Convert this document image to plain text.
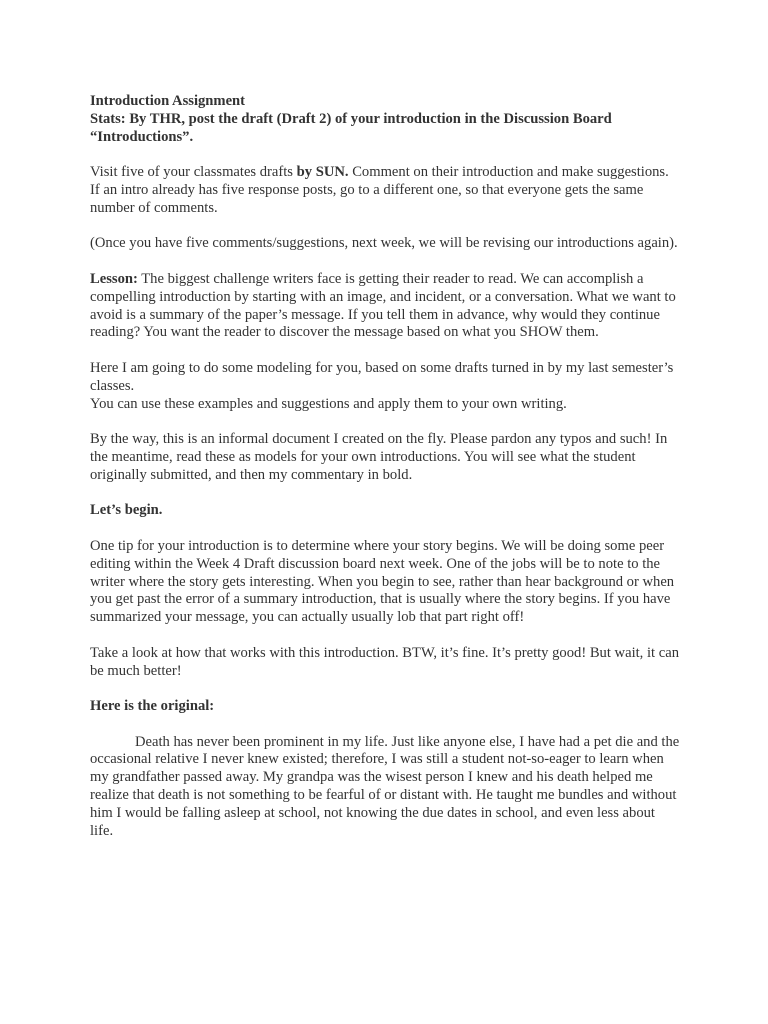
Introduction Assignment

Stats: By THR, post the draft (Draft 2) of your introduction in the Discussion Board “Introductions”.

Visit five of your classmates drafts by SUN. Comment on their introduction and make suggestions. If an intro already has five response posts, go to a different one, so that everyone gets the same number of comments.

(Once you have five comments/suggestions, next week, we will be revising our introductions again).

Lesson: The biggest challenge writers face is getting their reader to read. We can accomplish a compelling introduction by starting with an image, and incident, or a conversation. What we want to avoid is a summary of the paper’s message. If you tell them in advance, why would they continue reading? You want the reader to discover the message based on what you SHOW them.

Here I am going to do some modeling for you, based on some drafts turned in by my last semester’s classes.

You can use these examples and suggestions and apply them to your own writing.

By the way, this is an informal document I created on the fly. Please pardon any typos and such! In the meantime, read these as models for your own introductions. You will see what the student originally submitted, and then my commentary in bold.

Let’s begin.

One tip for your introduction is to determine where your story begins. We will be doing some peer editing within the Week 4 Draft discussion board next week. One of the jobs will be to note to the writer where the story gets interesting. When you begin to see, rather than hear background or when you get past the error of a summary introduction, that is usually where the story begins. If you have summarized your message, you can actually usually lob that part right off!

Take a look at how that works with this introduction. BTW, it’s fine. It’s pretty good! But wait, it can be much better!

Here is the original:

Death has never been prominent in my life. Just like anyone else, I have had a pet die and the occasional relative I never knew existed; therefore, I was still a student not-so-eager to learn when my grandfather passed away. My grandpa was the wisest person I knew and his death helped me realize that death is not something to be fearful of or distant with. He taught me bundles and without him I would be falling asleep at school, not knowing the due dates in school, and even less about life.
